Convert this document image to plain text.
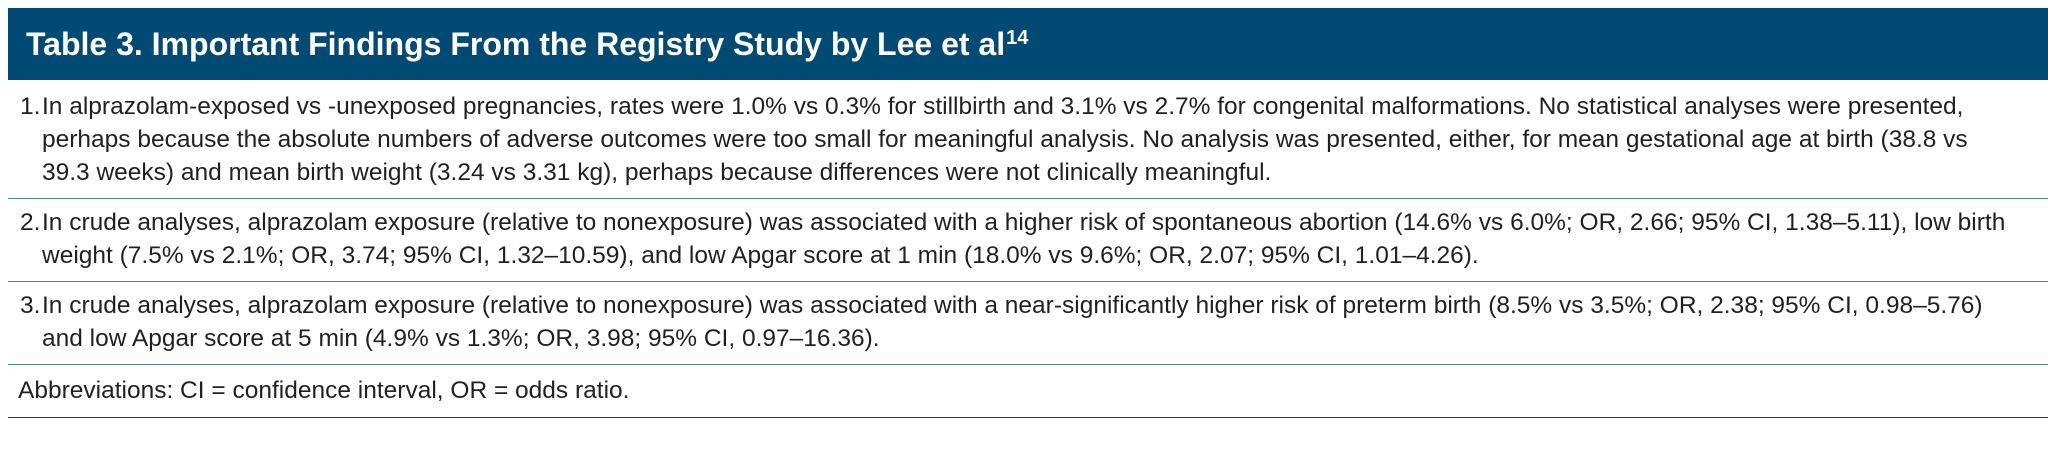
Table 3. Important Findings From the Registry Study by Lee et $al^{14}$
1. In alprazolam-exposed vs -unexposed pregnancies, rates were 1.0% vs 0.3% for stillbirth and 3.1% vs 2.7% for congenital malformations. No statistical analyses were presented, perhaps because the absolute numbers of adverse outcomes were too small for meaningful analysis. No analysis was presented, either, for mean gestational age at birth (38.8 vs 39.3 weeks) and mean birth weight (3.24 vs 3.31 kg), perhaps because differences were not clinically meaningful.
2. In crude analyses, alprazolam exposure (relative to nonexposure) was associated with a higher risk of spontaneous abortion (14.6% vs 6.0%; OR, 2.66; 95% CI, 1.38–5.11), low birth weight (7.5% vs 2.1%; OR, 3.74; 95% CI, 1.32–10.59), and low Apgar score at 1 min (18.0% vs 9.6%; OR, 2.07; 95% CI, 1.01–4.26).
3. In crude analyses, alprazolam exposure (relative to nonexposure) was associated with a near-significantly higher risk of preterm birth (8.5% vs 3.5%; OR, 2.38; 95% CI, 0.98–5.76) and low Apgar score at 5 min (4.9% vs 1.3%; OR, 3.98; 95% CI, 0.97–16.36).
Abbreviations: CI = confidence interval, OR = odds ratio.
